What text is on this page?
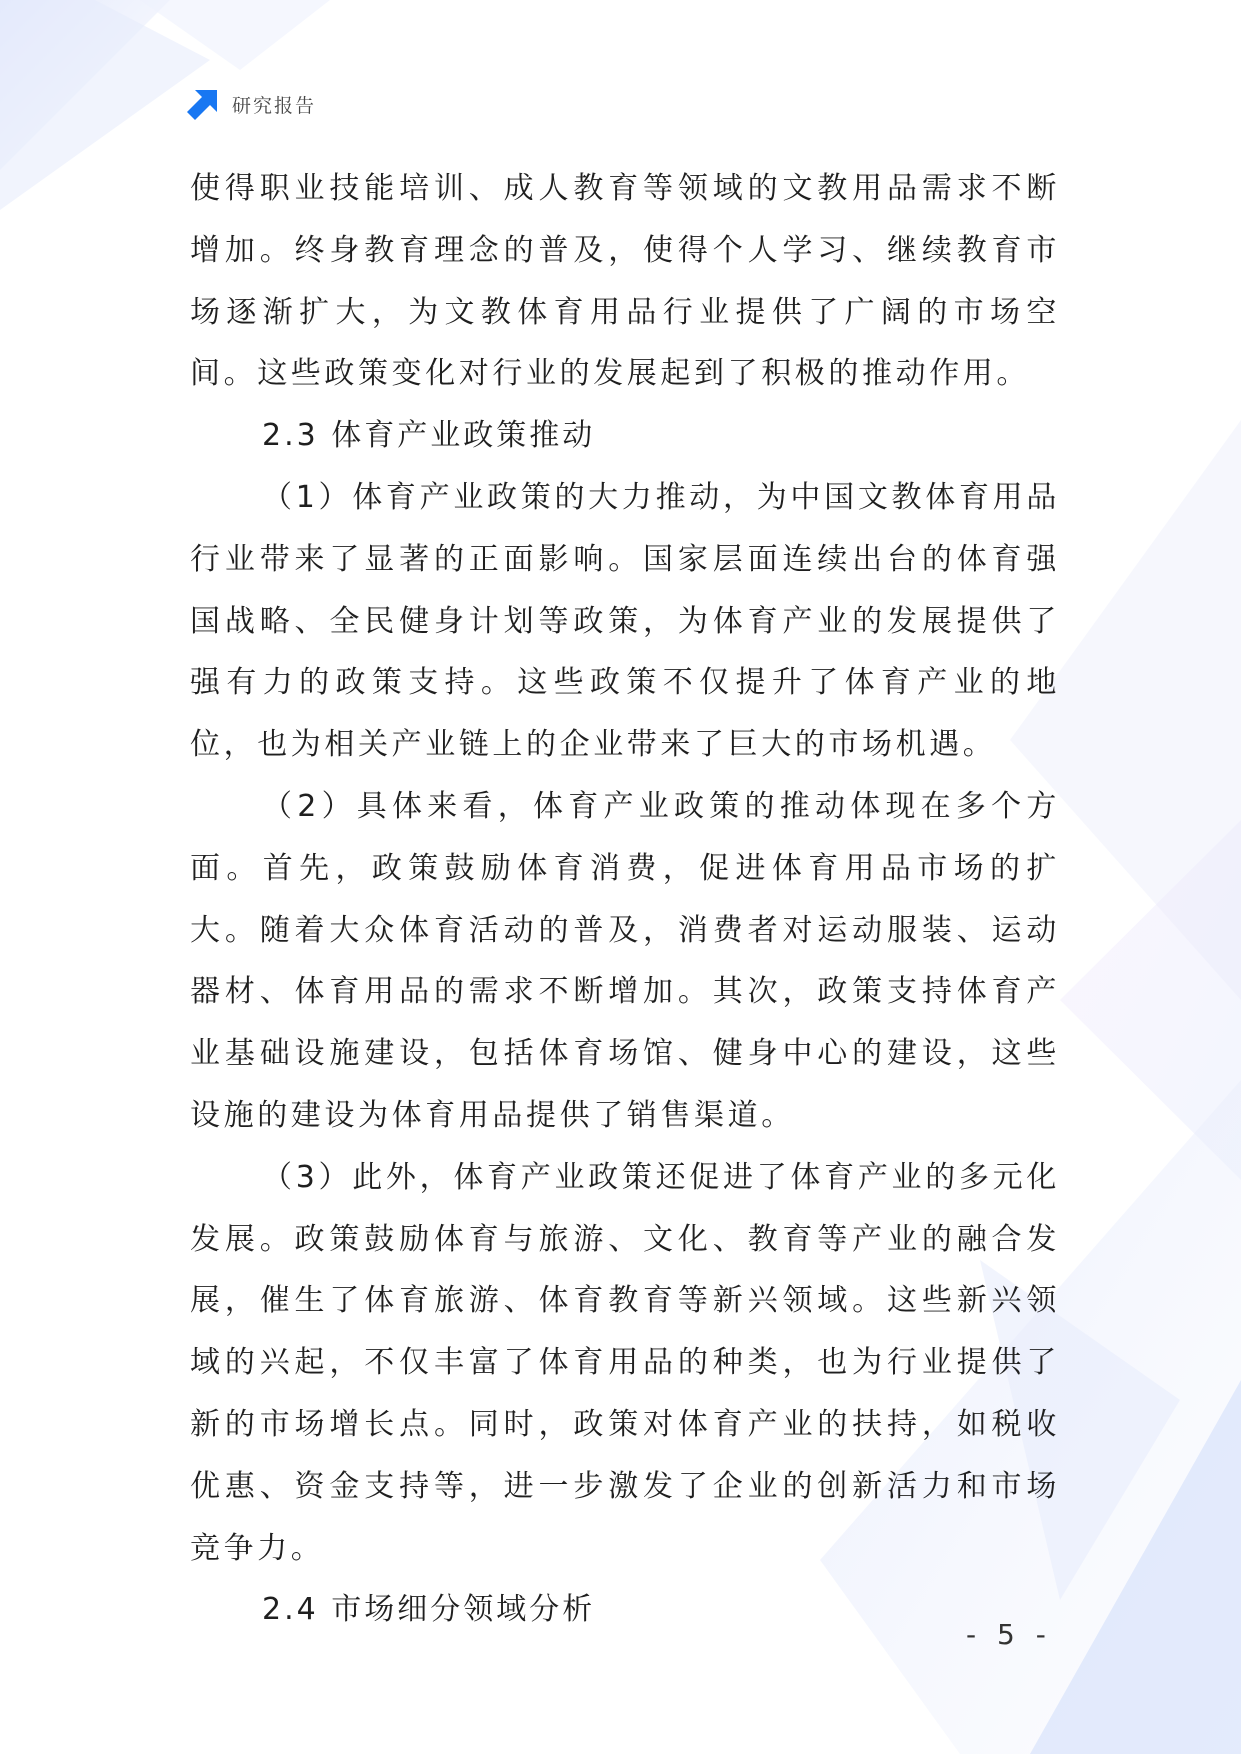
研究报告

使得职业技能培训、成人教育等领域的文教用品需求不断增加。终身教育理念的普及，使得个人学习、继续教育市场逐渐扩大，为文教体育用品行业提供了广阔的市场空间。这些政策变化对行业的发展起到了积极的推动作用。

2.3 体育产业政策推动

（1）体育产业政策的大力推动，为中国文教体育用品行业带来了显著的正面影响。国家层面连续出台的体育强国战略、全民健身计划等政策，为体育产业的发展提供了强有力的政策支持。这些政策不仅提升了体育产业的地位，也为相关产业链上的企业带来了巨大的市场机遇。

（2）具体来看，体育产业政策的推动体现在多个方面。首先，政策鼓励体育消费，促进体育用品市场的扩大。随着大众体育活动的普及，消费者对运动服装、运动器材、体育用品的需求不断增加。其次，政策支持体育产业基础设施建设，包括体育场馆、健身中心的建设，这些设施的建设为体育用品提供了销售渠道。

（3）此外，体育产业政策还促进了体育产业的多元化发展。政策鼓励体育与旅游、文化、教育等产业的融合发展，催生了体育旅游、体育教育等新兴领域。这些新兴领域的兴起，不仅丰富了体育用品的种类，也为行业提供了新的市场增长点。同时，政策对体育产业的扶持，如税收优惠、资金支持等，进一步激发了企业的创新活力和市场竞争力。

2.4 市场细分领域分析

- 5 -
